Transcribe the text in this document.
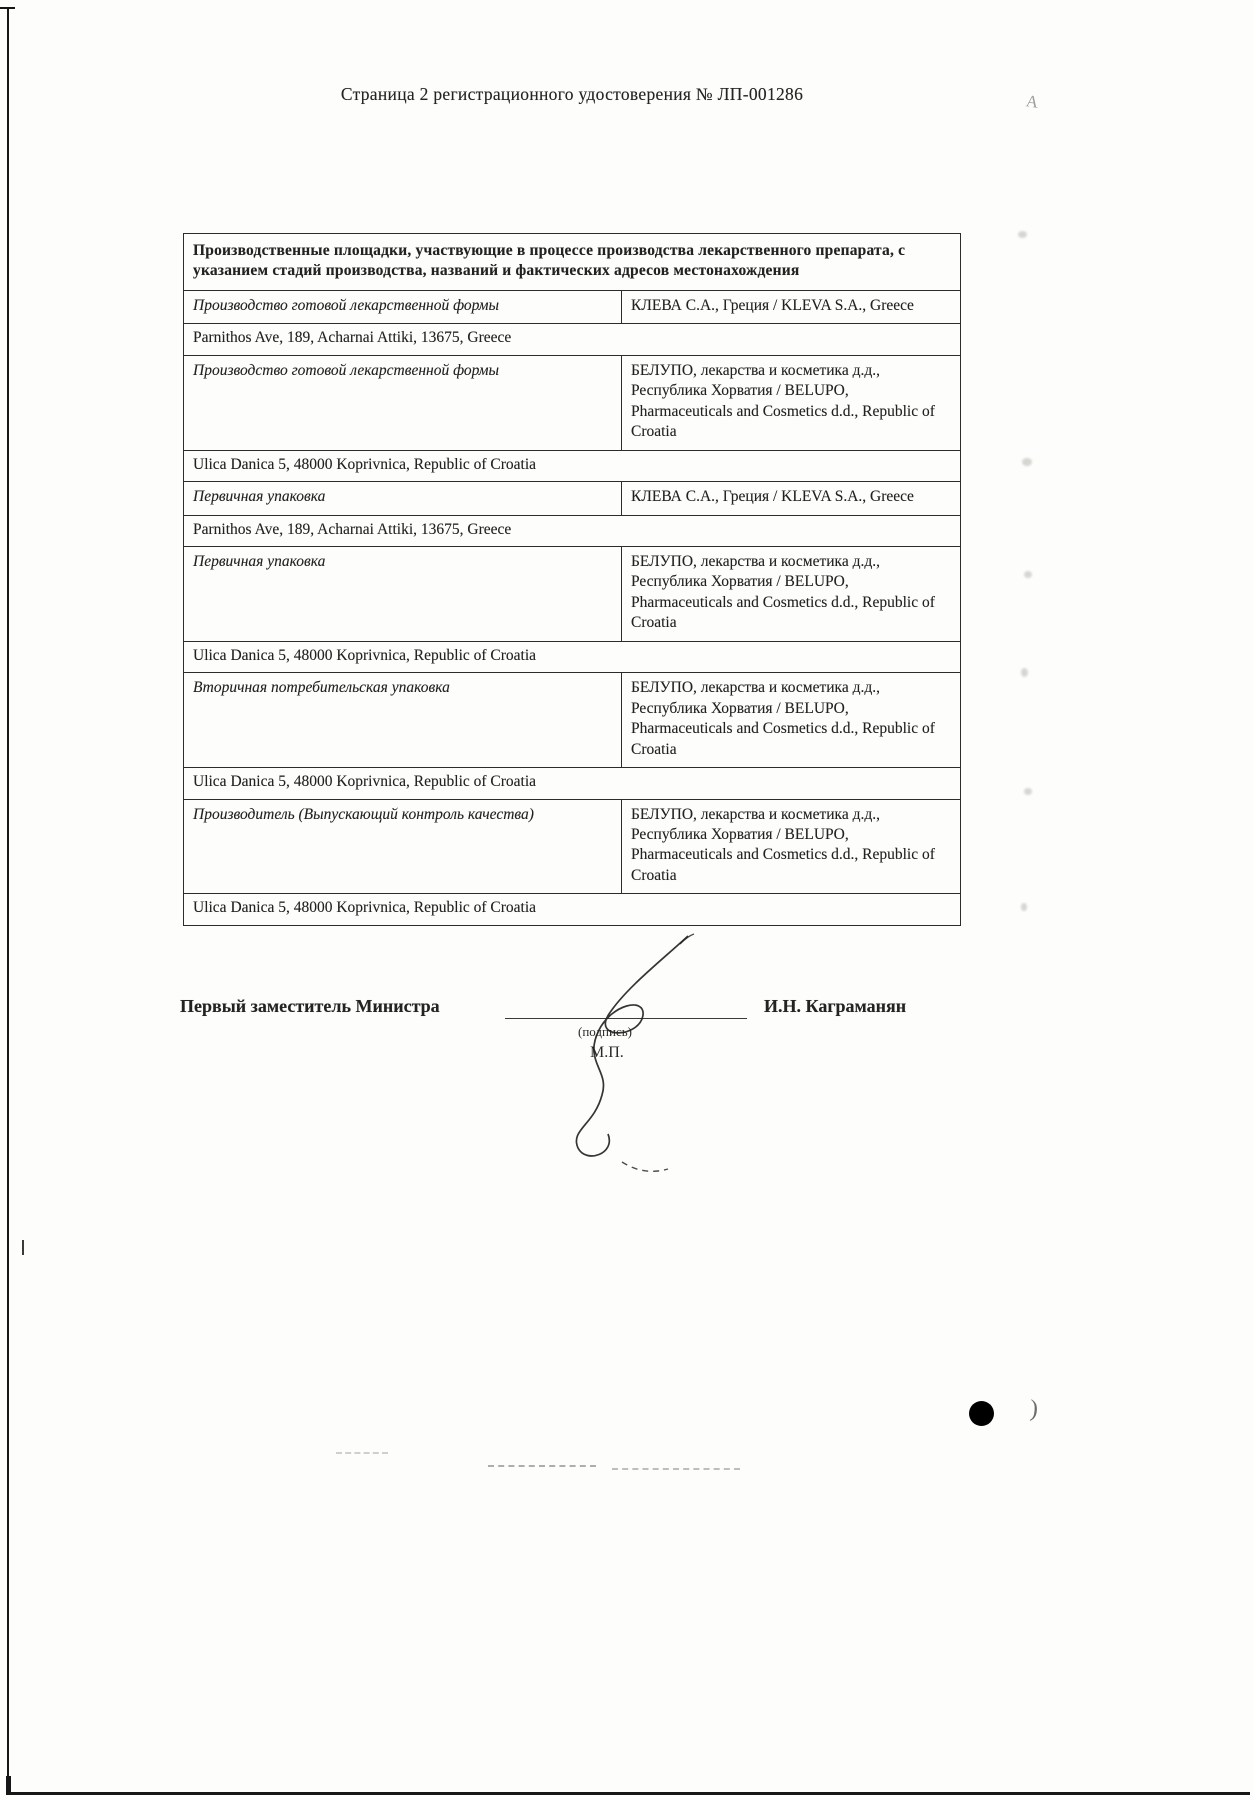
Страница 2 регистрационного удостоверения № ЛП-001286
Производственные площадки, участвующие в процессе производства лекарственного препарата, с указанием стадий производства, названий и фактических адресов местонахождения	
Производство готовой лекарственной формы	КЛЕВА С.А., Греция / KLEVA S.A., Greece
Parnithos Ave, 189, Acharnai Attiki, 13675, Greece	
Производство готовой лекарственной формы	БЕЛУПО, лекарства и косметика д.д., Республика Хорватия / BELUPO, Pharmaceuticals and Cosmetics d.d., Republic of Croatia
Ulica Danica 5, 48000 Koprivnica, Republic of Croatia	
Первичная упаковка	КЛЕВА С.А., Греция / KLEVA S.A., Greece
Parnithos Ave, 189, Acharnai Attiki, 13675, Greece	
Первичная упаковка	БЕЛУПО, лекарства и косметика д.д., Республика Хорватия / BELUPO, Pharmaceuticals and Cosmetics d.d., Republic of Croatia
Ulica Danica 5, 48000 Koprivnica, Republic of Croatia	
Вторичная потребительская упаковка	БЕЛУПО, лекарства и косметика д.д., Республика Хорватия / BELUPO, Pharmaceuticals and Cosmetics d.d., Republic of Croatia
Ulica Danica 5, 48000 Koprivnica, Republic of Croatia	
Производитель (Выпускающий контроль качества)	БЕЛУПО, лекарства и косметика д.д., Республика Хорватия / BELUPO, Pharmaceuticals and Cosmetics d.d., Republic of Croatia
Ulica Danica 5, 48000 Koprivnica, Republic of Croatia	
Первый заместитель Министра
(подпись)
М.П.
И.Н. Каграманян
А
)
